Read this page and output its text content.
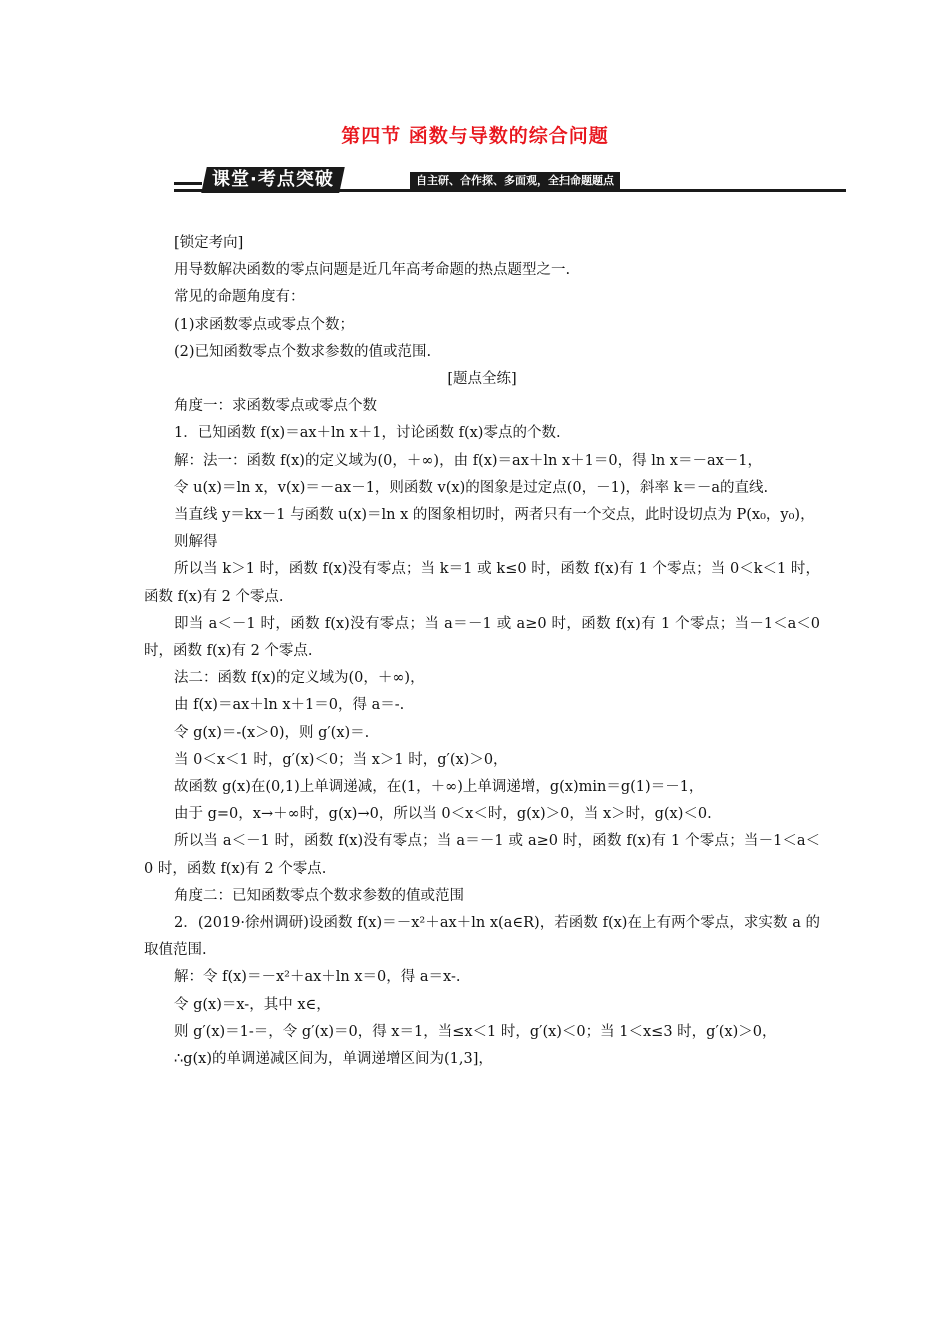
第四节 函数与导数的综合问题
课堂·考点突破	自主研、合作探、多面观，全扫命题题点

[锁定考向]

用导数解决函数的零点问题是近几年高考命题的热点题型之一.

常见的命题角度有：

(1)求函数零点或零点个数；

(2)已知函数零点个数求参数的值或范围.

[题点全练]

角度一：求函数零点或零点个数

1．已知函数 f(x)＝ax＋ln x＋1，讨论函数 f(x)零点的个数.

解：法一：函数 f(x)的定义域为(0，＋∞)，由 f(x)＝ax＋ln x＋1＝0，得 ln x＝－ax－1，

令 u(x)＝ln x，v(x)＝－ax－1，则函数 v(x)的图象是过定点(0，－1)，斜率 k＝－a的直线.

当直线 y＝kx－1 与函数 u(x)＝ln x 的图象相切时，两者只有一个交点，此时设切点为 P(x₀，y₀)，

则解得

所以当 k＞1 时，函数 f(x)没有零点；当 k＝1 或 k≤0 时，函数 f(x)有 1 个零点；当 0＜k＜1 时，函数 f(x)有 2 个零点.

即当 a＜－1 时，函数 f(x)没有零点；当 a＝－1 或 a≥0 时，函数 f(x)有 1 个零点；当－1＜a＜0 时，函数 f(x)有 2 个零点.

法二：函数 f(x)的定义域为(0，＋∞)，

由 f(x)＝ax＋ln x＋1＝0，得 a＝-.

令 g(x)＝-(x＞0)，则 g′(x)＝.

当 0＜x＜1 时，g′(x)＜0；当 x＞1 时，g′(x)＞0，

故函数 g(x)在(0,1)上单调递减，在(1，＋∞)上单调递增，g(x)min＝g(1)＝－1，

由于 g=0，x→＋∞时，g(x)→0，所以当 0＜x＜时，g(x)＞0，当 x＞时，g(x)＜0.

所以当 a＜－1 时，函数 f(x)没有零点；当 a＝－1 或 a≥0 时，函数 f(x)有 1 个零点；当－1＜a＜0 时，函数 f(x)有 2 个零点.

角度二：已知函数零点个数求参数的值或范围

2．(2019·徐州调研)设函数 f(x)＝－x²＋ax＋ln x(a∈R)，若函数 f(x)在上有两个零点，求实数 a 的取值范围.

解：令 f(x)＝－x²＋ax＋ln x＝0，得 a＝x-.

令 g(x)＝x-，其中 x∈，

则 g′(x)＝1-＝，令 g′(x)＝0，得 x＝1，当≤x＜1 时，g′(x)＜0；当 1＜x≤3 时，g′(x)＞0，

∴g(x)的单调递减区间为，单调递增区间为(1,3]，
